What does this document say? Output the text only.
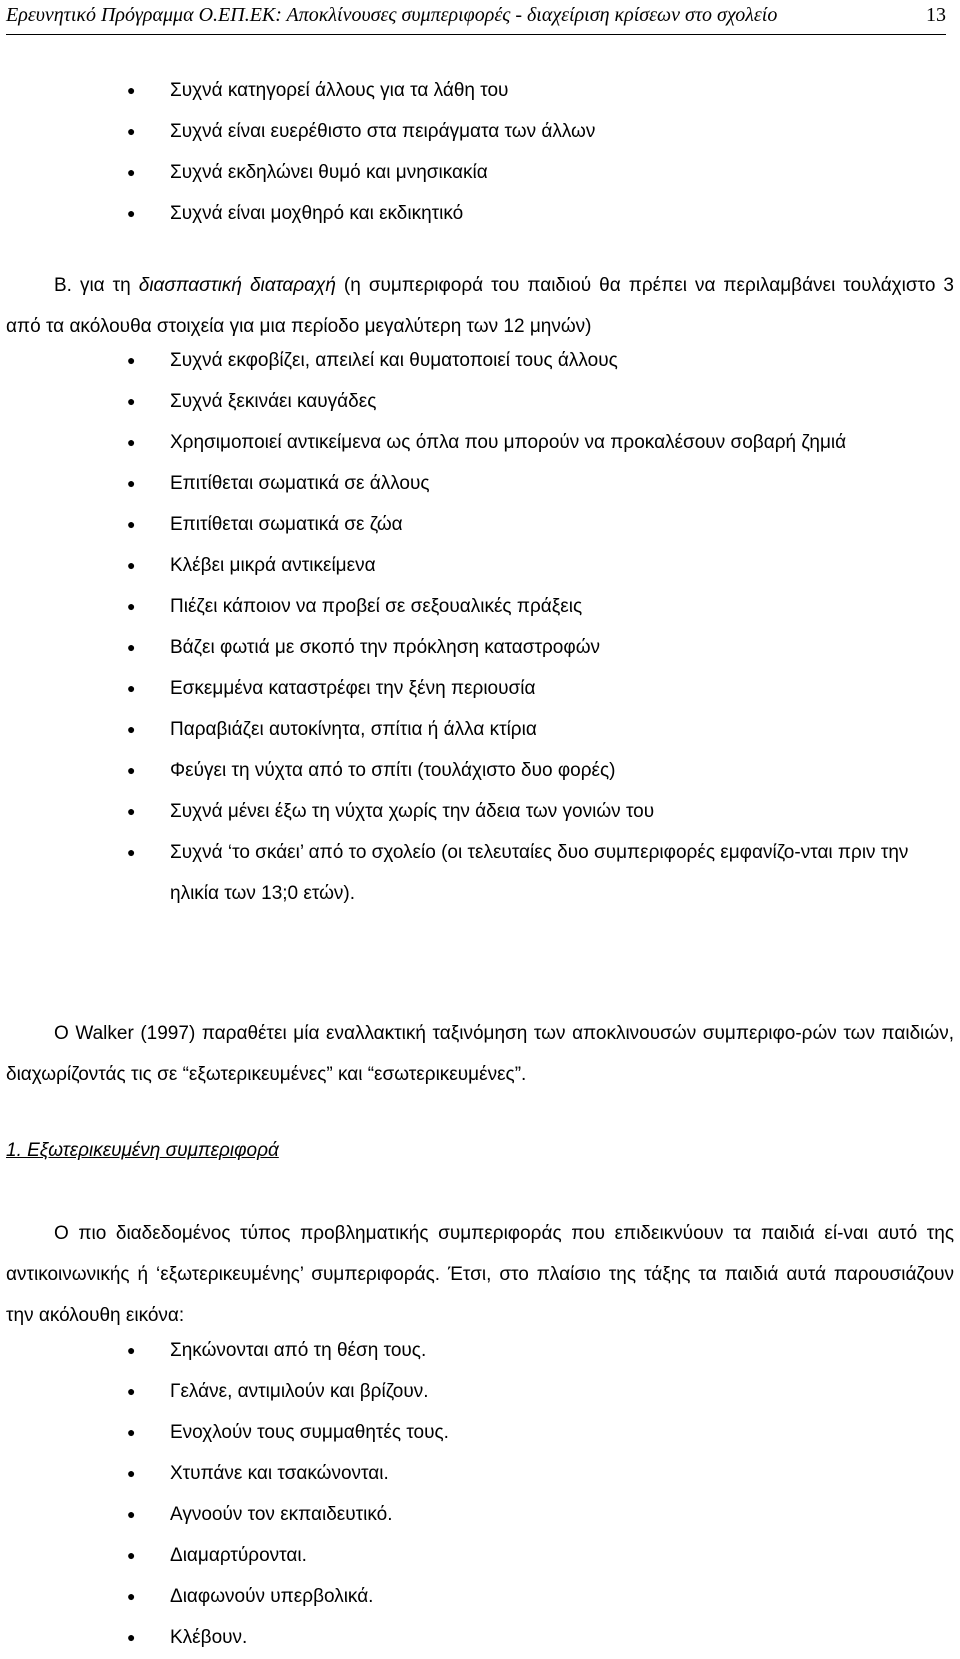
Ερευνητικό Πρόγραμμα Ο.ΕΠ.ΕΚ: Αποκλίνουσες συμπεριφορές - διαχείριση κρίσεων στο σχολείο	13
● Συχνά κατηγορεί άλλους για τα λάθη του
● Συχνά είναι ευερέθιστο στα πειράγματα των άλλων
● Συχνά εκδηλώνει θυμό και μνησικακία
● Συχνά είναι μοχθηρό και εκδικητικό
Β. για τη διασπαστική διαταραχή (η συμπεριφορά του παιδιού θα πρέπει να περιλαμβάνει τουλάχιστο 3 από τα ακόλουθα στοιχεία για μια περίοδο μεγαλύτερη των 12 μηνών)
● Συχνά εκφοβίζει, απειλεί και θυματοποιεί τους άλλους
● Συχνά ξεκινάει καυγάδες
● Χρησιμοποιεί αντικείμενα ως όπλα που μπορούν να προκαλέσουν σοβαρή ζημιά
● Επιτίθεται σωματικά σε άλλους
● Επιτίθεται σωματικά σε ζώα
● Κλέβει μικρά αντικείμενα
● Πιέζει κάποιον να προβεί σε σεξουαλικές πράξεις
● Βάζει φωτιά με σκοπό την πρόκληση καταστροφών
● Εσκεμμένα καταστρέφει την ξένη περιουσία
● Παραβιάζει αυτοκίνητα, σπίτια ή άλλα κτίρια
● Φεύγει τη νύχτα από το σπίτι (τουλάχιστο δυο φορές)
● Συχνά μένει έξω τη νύχτα χωρίς την άδεια των γονιών του
● Συχνά ‘το σκάει’ από το σχολείο (οι τελευταίες δυο συμπεριφορές εμφανίζο-νται πριν την ηλικία των 13;0 ετών).
Ο Walker (1997) παραθέτει μία εναλλακτική ταξινόμηση των αποκλινουσών συμπεριφο-ρών των παιδιών, διαχωρίζοντάς τις σε “εξωτερικευμένες” και “εσωτερικευμένες”.
1. Εξωτερικευμένη συμπεριφορά
Ο πιο διαδεδομένος τύπος προβληματικής συμπεριφοράς που επιδεικνύουν τα παιδιά εί-ναι αυτό της αντικοινωνικής ή ‘εξωτερικευμένης’ συμπεριφοράς. Έτσι, στο πλαίσιο της τάξης τα παιδιά αυτά παρουσιάζουν την ακόλουθη εικόνα:
● Σηκώνονται από τη θέση τους.
● Γελάνε, αντιμιλούν και βρίζουν.
● Ενοχλούν τους συμμαθητές τους.
● Χτυπάνε και τσακώνονται.
● Αγνοούν τον εκπαιδευτικό.
● Διαμαρτύρονται.
● Διαφωνούν υπερβολικά.
● Κλέβουν.
